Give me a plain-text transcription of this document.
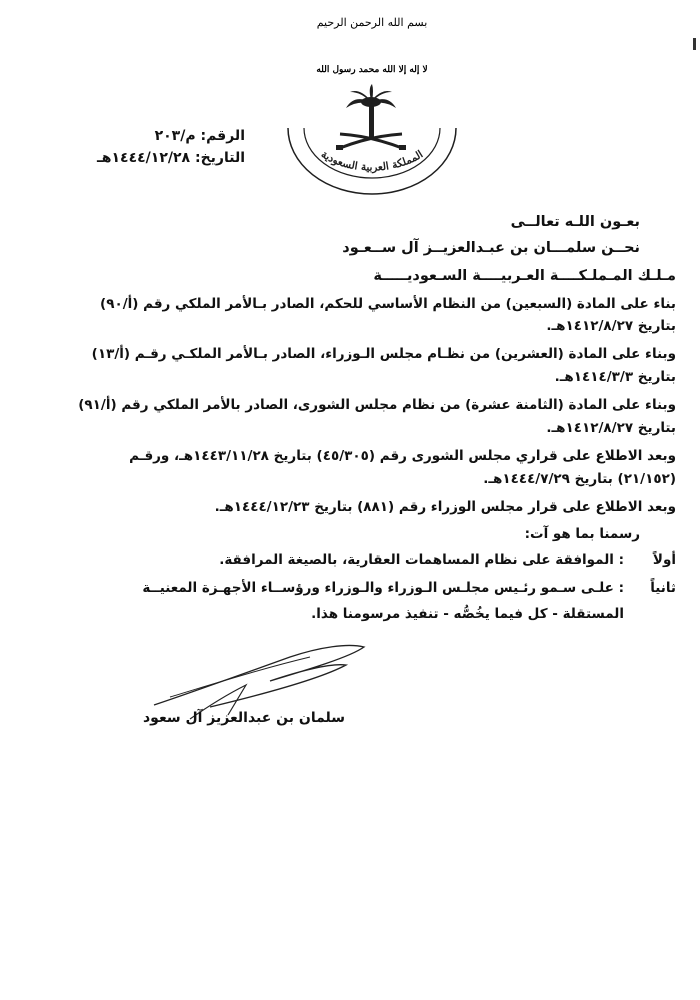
بسم الله الرحمن الرحيم
لا إله إلا الله محمد رسول الله
المملكة العربية السعودية
الرقم: م/٢٠٣
التاريخ: ١٤٤٤/١٢/٢٨هـ
بعـون اللـه تعالــى
نحــن سلمـــان بن عبـدالعزيــز آل ســعـود
مـلـك المـملـكــــة العـربيــــة السـعوديـــــة
بناء على المادة (السبعين) من النظام الأساسي للحكم، الصادر بـالأمر الملكي رقم (أ/٩٠)
بتاريخ ١٤١٢/٨/٢٧هـ.
وبناء على المادة (العشرين) من نظـام مجلس الـوزراء، الصادر بـالأمر الملكـي رقـم (أ/١٣)
بتاريخ ١٤١٤/٣/٣هـ.
وبناء على المادة (الثامنة عشرة) من نظام مجلس الشورى، الصادر بالأمر الملكي رقم (أ/٩١)
بتاريخ ١٤١٢/٨/٢٧هـ.
وبعد الاطلاع على قراري مجلس الشورى رقم (٤٥/٣٠٥) بتاريخ ١٤٤٣/١١/٢٨هـ، ورقـم
(٢١/١٥٢) بتاريخ ١٤٤٤/٧/٢٩هـ.
وبعد الاطلاع على قرار مجلس الوزراء رقم (٨٨١) بتاريخ ١٤٤٤/١٢/٢٣هـ.
رسمنا بما هو آت:
أولاً
: الموافقة على نظام المساهمات العقارية، بالصيغة المرافقة.
ثانياً
: علـى سـمو رئـيس مجلـس الـوزراء والـوزراء ورؤســاء الأجهـزة المعنيــة
المستقلة - كل فيما يخُصُّه - تنفيذ مرسومنا هذا.
سلمان بن عبدالعزيز آل سعود
